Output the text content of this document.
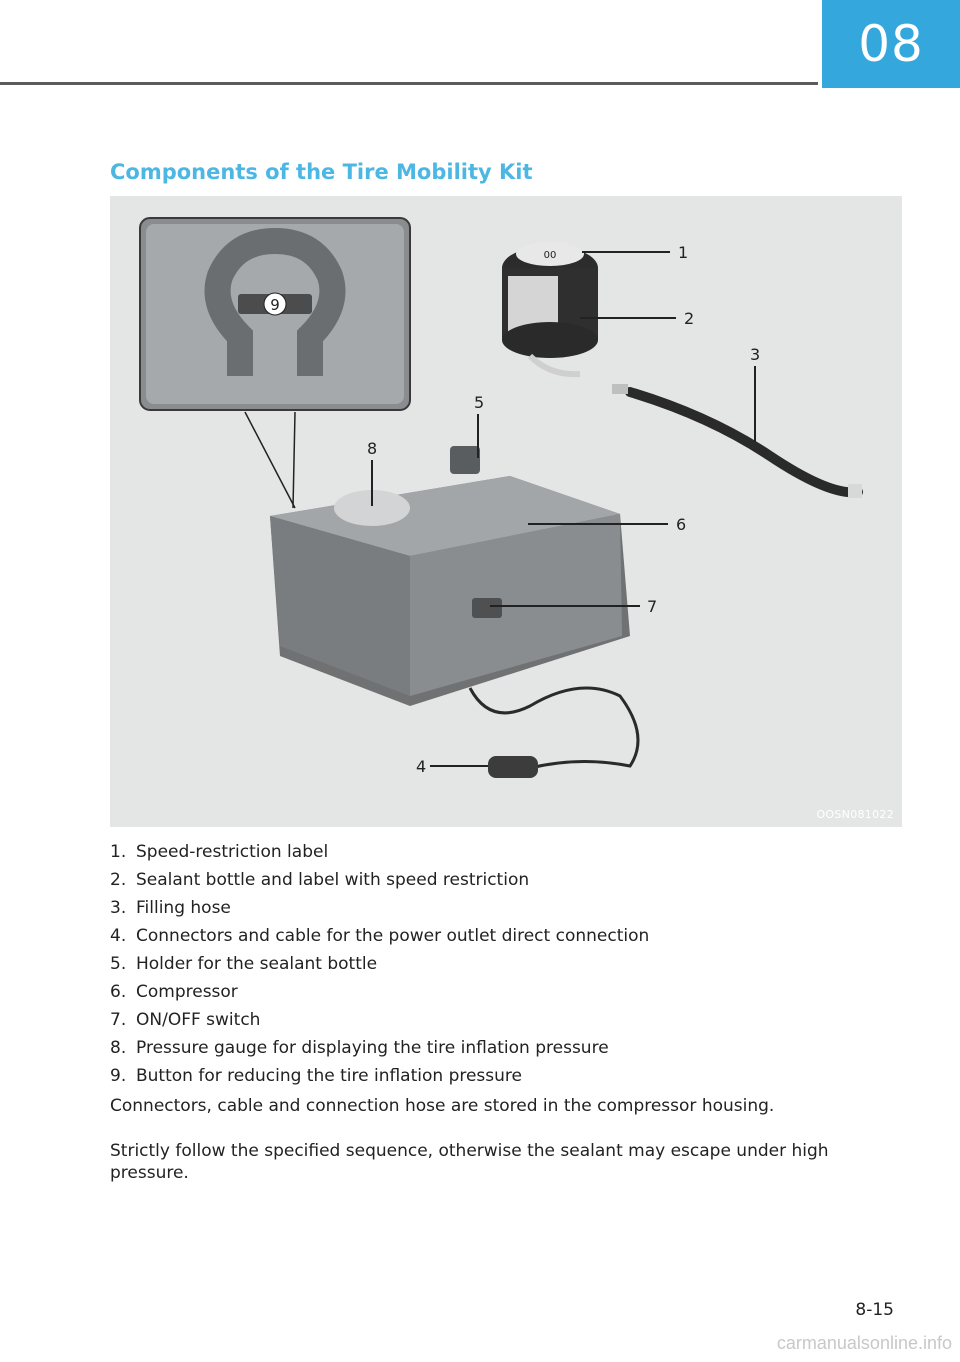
08
Components of the Tire Mobility Kit
00	1
2
3
4
5
6
7
8
9
OOSN081022
1. Speed-restriction label
2. Sealant bottle and label with speed restriction
3. Filling hose
4. Connectors and cable for the power outlet direct connection
5. Holder for the sealant bottle
6. Compressor
7. ON/OFF switch
8. Pressure gauge for displaying the tire inflation pressure
9. Button for reducing the tire inflation pressure

Connectors, cable and connection hose are stored in the compressor housing.

Strictly follow the specified sequence, otherwise the sealant may escape under high pressure.

8-15
carmanualsonline.info
